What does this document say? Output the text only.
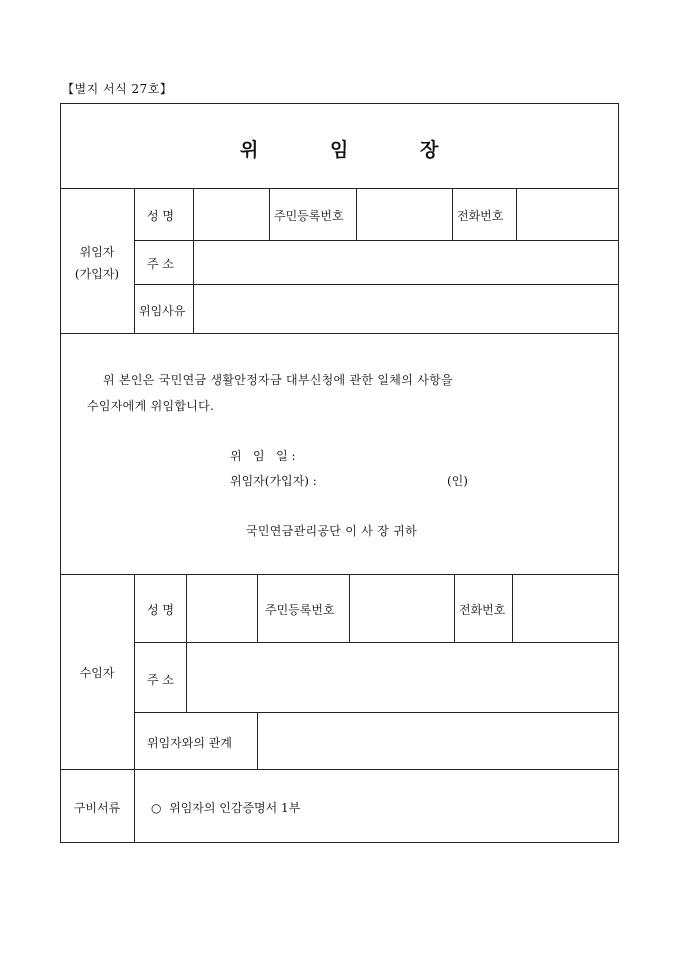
【별지 서식 27호】
위	임	장
위임자
(가입자)
성 명	주민등록번호	전화번호
주 소
위임사유
위 본인은 국민연금 생활안정자금 대부신청에 관한 일체의 사항을
수임자에게 위임합니다.
위   임   일 :
위임자(가입자) :	(인)
국민연금관리공단 이 사 장 귀하
수임자
성 명	주민등록번호	전화번호
주 소
위임자와의 관계
구비서류	○  위임자의 인감증명서 1부
